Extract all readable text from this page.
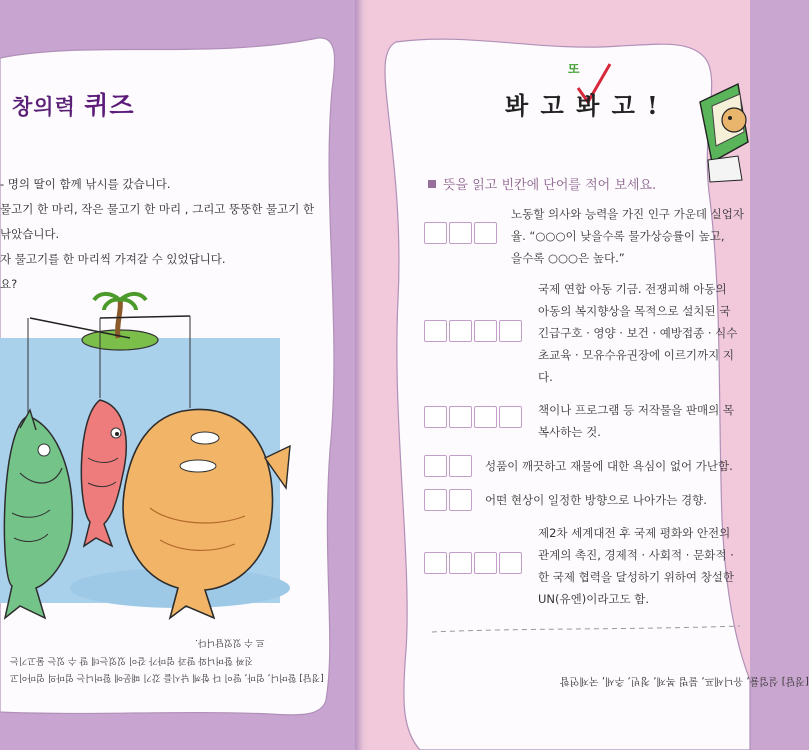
창의력 퀴즈
- 명의 딸이 함께 낚시를 갔습니다.
물고기 한 마리, 작은 물고기 한 마리 , 그리고 뚱뚱한 물고기 한
낚았습니다.
자 물고기를 한 마리씩 가져갈 수 있었답니다.
요?
르 수 있었답니다.
진짜 할머니와 딸과 엄마가 같이 있었는데 딸 수 있는 물고기는
[정답] 할머니, 엄마, 딸이 다 함께 낚시를 갔기 때문에 할머니는 엄마의 엄마이고
또
봐 고 봐 고 !
뜻을 읽고 빈칸에 단어를 적어 보세요.
노동할 의사와 능력을 가진 인구 가운데 실업자
율. “○○○이 낮을수록 물가상승률이 높고,
을수록 ○○○은 높다.”
국제 연합 아동 기금. 전쟁피해 아동의
아동의 복지향상을 목적으로 설치된 국
긴급구호 · 영양 · 보건 · 예방접종 · 식수
초교육 · 모유수유권장에 이르기까지 지
다.
책이나 프로그램 등 저작물을 판매의 목
복사하는 것.
성품이 깨끗하고 재물에 대한 욕심이 없어 가난함.
어떤 현상이 일정한 방향으로 나아가는 경향.
제2차 세계대전 후 국제 평화와 안전의
관계의 촉진, 경제적 · 사회적 · 문화적 ·
한 국제 협력을 달성하기 위하여 창설한
UN(유엔)이라고도 함.
[정답] 실업률, 유니세프, 불법 복제, 청빈, 추세, 국제연합
